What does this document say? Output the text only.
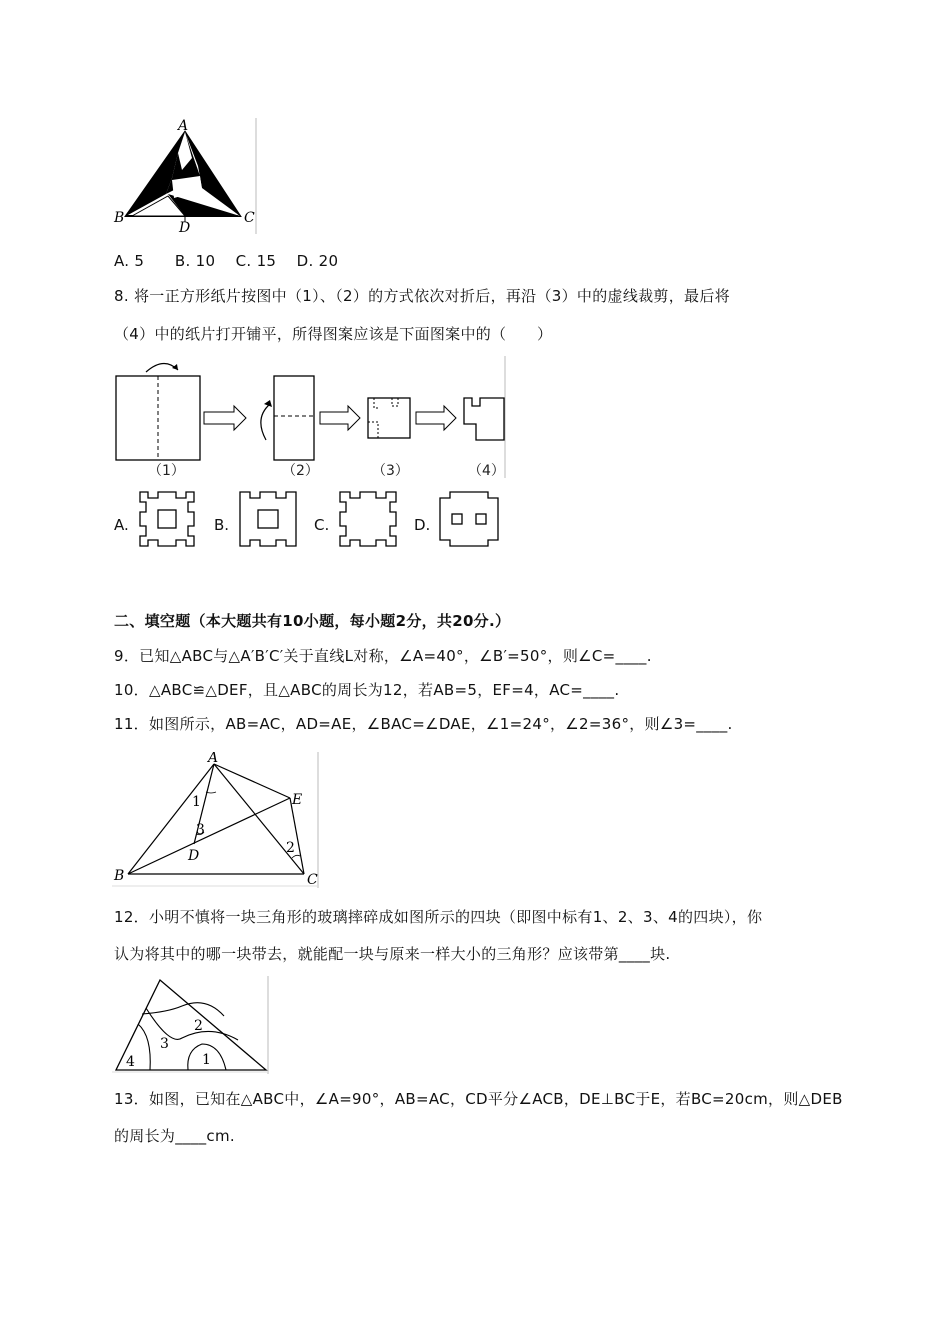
A
B	C
D
A. 5　　B. 10　 C. 15　 D. 20
8. 将一正方形纸片按图中（1）、（2）的方式依次对折后，再沿（3）中的虚线裁剪，最后将
（4）中的纸片打开铺平，所得图案应该是下面图案中的（　　）
（1）	（2）	（3）	（4）
A.	B.	C.	D.
二、填空题（本大题共有10小题，每小题2分，共20分.）
9．已知△ABC与△A′B′C′关于直线L对称，∠A=40°，∠B′=50°，则∠C=____.
10．△ABC≌△DEF，且△ABC的周长为12，若AB=5，EF=4，AC=____.
11．如图所示，AB=AC，AD=AE，∠BAC=∠DAE，∠1=24°，∠2=36°，则∠3=____.
A
B	C
D
E
1
2
3
12．小明不慎将一块三角形的玻璃摔碎成如图所示的四块（即图中标有1、2、3、4的四块），你
认为将其中的哪一块带去，就能配一块与原来一样大小的三角形？应该带第____块.
1
2
3
4
13．如图，已知在△ABC中，∠A=90°，AB=AC，CD平分∠ACB，DE⊥BC于E，若BC=20cm，则△DEB
的周长为____cm.
